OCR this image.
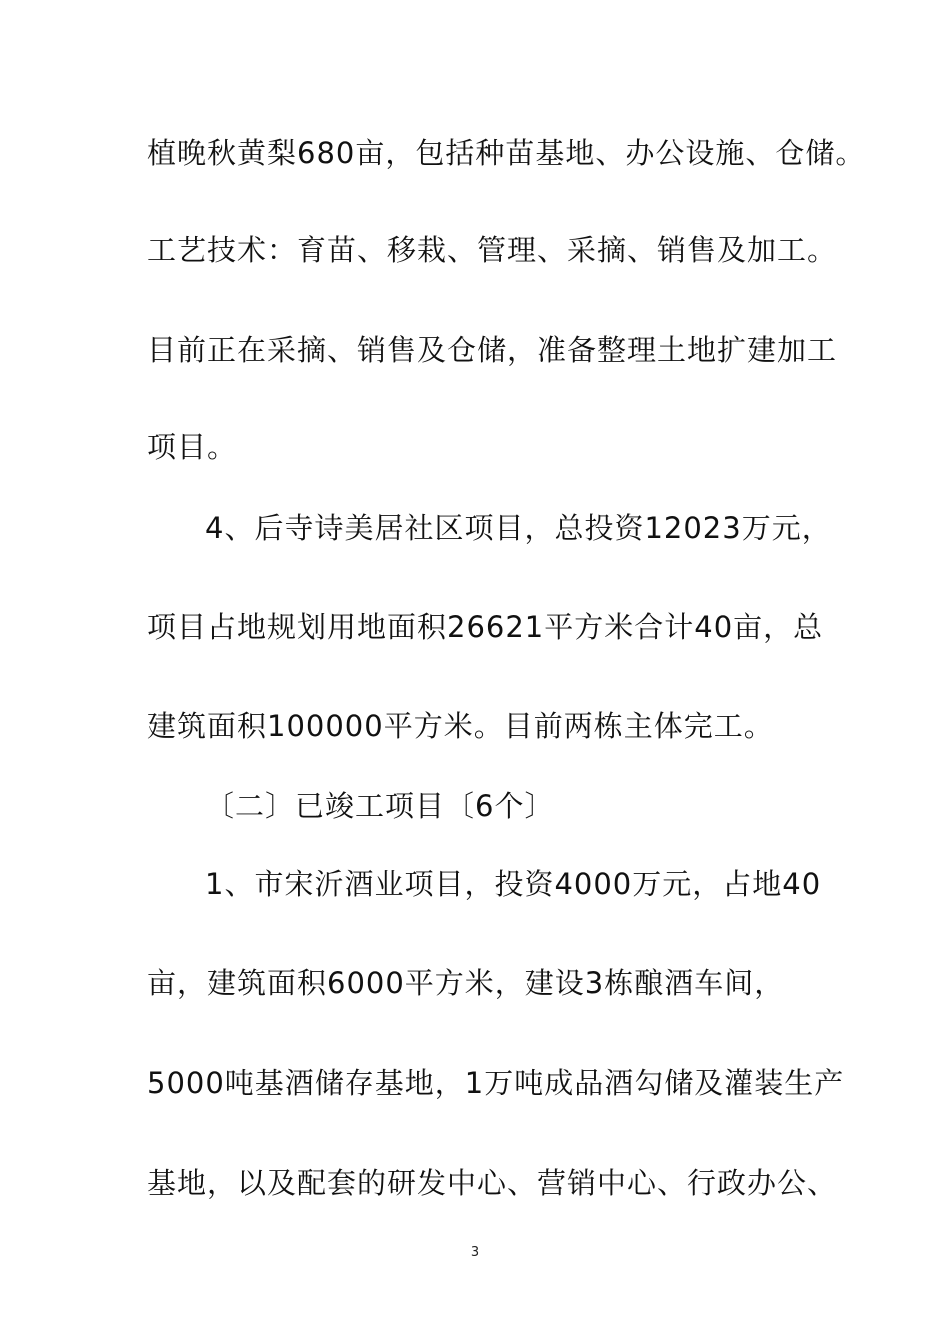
植晚秋黄梨680亩，包括种苗基地、办公设施、仓储。
工艺技术：育苗、移栽、管理、采摘、销售及加工。
目前正在采摘、销售及仓储，准备整理土地扩建加工
项目。
4、后寺诗美居社区项目，总投资12023万元，
项目占地规划用地面积26621平方米合计40亩，总
建筑面积100000平方米。目前两栋主体完工。
〔二〕已竣工项目〔6个〕
1、市宋沂酒业项目，投资4000万元，占地40
亩，建筑面积6000平方米，建设3栋酿酒车间，
5000吨基酒储存基地，1万吨成品酒勾储及灌装生产
基地，以及配套的研发中心、营销中心、行政办公、
3
